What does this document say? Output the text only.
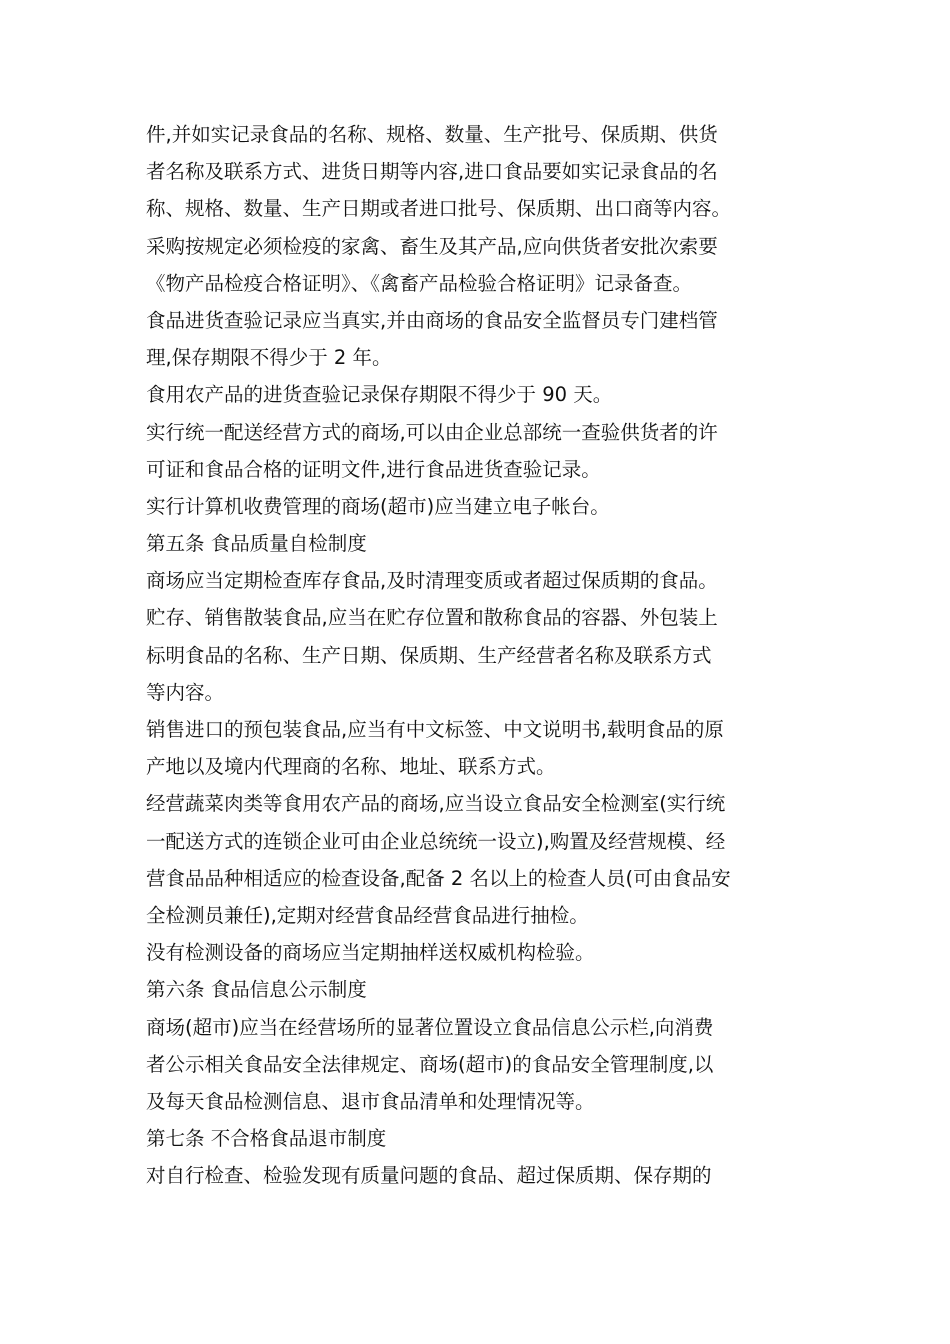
件,并如实记录食品的名称、规格、数量、生产批号、保质期、供货
者名称及联系方式、进货日期等内容,进口食品要如实记录食品的名
称、规格、数量、生产日期或者进口批号、保质期、出口商等内容。
采购按规定必须检疫的家禽、畜生及其产品,应向供货者安批次索要
《物产品检疫合格证明》、《禽畜产品检验合格证明》记录备查。
食品进货查验记录应当真实,并由商场的食品安全监督员专门建档管
理,保存期限不得少于 2 年。
食用农产品的进货查验记录保存期限不得少于 90 天。
实行统一配送经营方式的商场,可以由企业总部统一查验供货者的许
可证和食品合格的证明文件,进行食品进货查验记录。
实行计算机收费管理的商场(超市)应当建立电子帐台。
第五条 食品质量自检制度
商场应当定期检查库存食品,及时清理变质或者超过保质期的食品。
贮存、销售散装食品,应当在贮存位置和散称食品的容器、外包装上
标明食品的名称、生产日期、保质期、生产经营者名称及联系方式
等内容。
销售进口的预包装食品,应当有中文标签、中文说明书,载明食品的原
产地以及境内代理商的名称、地址、联系方式。
经营蔬菜肉类等食用农产品的商场,应当设立食品安全检测室(实行统
一配送方式的连锁企业可由企业总统统一设立),购置及经营规模、经
营食品品种相适应的检查设备,配备 2 名以上的检查人员(可由食品安
全检测员兼任),定期对经营食品经营食品进行抽检。
没有检测设备的商场应当定期抽样送权威机构检验。
第六条 食品信息公示制度
商场(超市)应当在经营场所的显著位置设立食品信息公示栏,向消费
者公示相关食品安全法律规定、商场(超市)的食品安全管理制度,以
及每天食品检测信息、退市食品清单和处理情况等。
第七条 不合格食品退市制度
对自行检查、检验发现有质量问题的食品、超过保质期、保存期的
